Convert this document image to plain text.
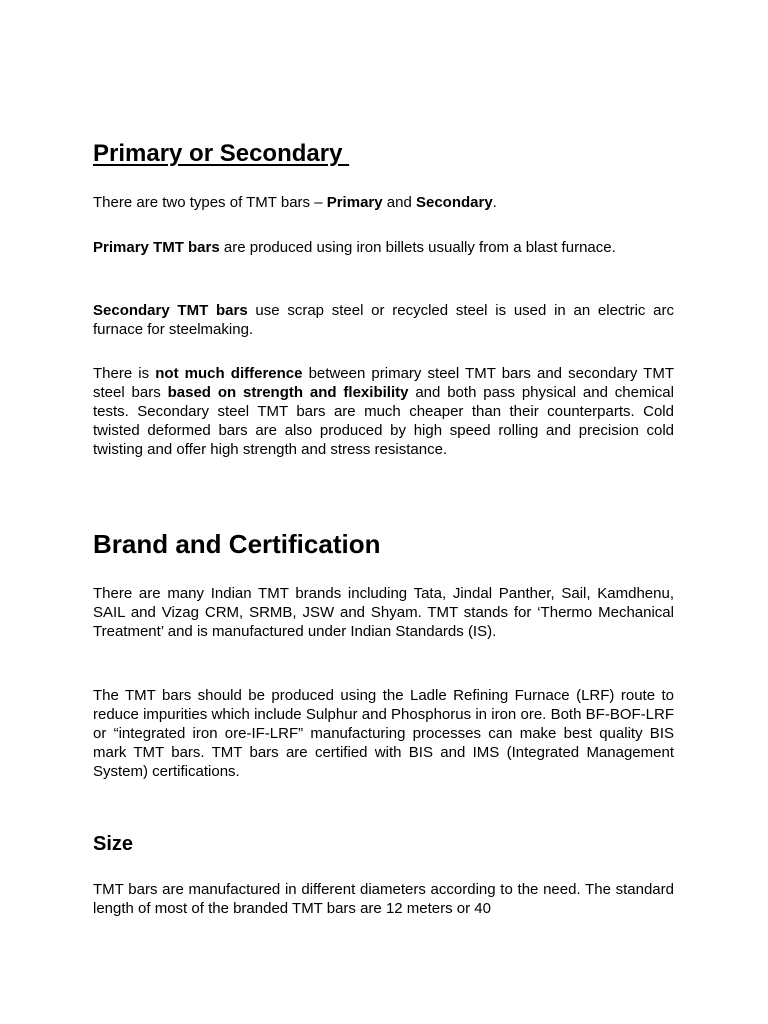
Primary or Secondary

There are two types of TMT bars – Primary and Secondary.

Primary TMT bars are produced using iron billets usually from a blast furnace.

Secondary TMT bars use scrap steel or recycled steel is used in an electric arc furnace for steelmaking.

There is not much difference between primary steel TMT bars and secondary TMT steel bars based on strength and flexibility and both pass physical and chemical tests. Secondary steel TMT bars are much cheaper than their counterparts. Cold twisted deformed bars are also produced by high speed rolling and precision cold twisting and offer high strength and stress resistance.

Brand and Certification

There are many Indian TMT brands including Tata, Jindal Panther, Sail, Kamdhenu, SAIL and Vizag CRM, SRMB, JSW and Shyam. TMT stands for ‘Thermo Mechanical Treatment’ and is manufactured under Indian Standards (IS).

The TMT bars should be produced using the Ladle Refining Furnace (LRF) route to reduce impurities which include Sulphur and Phosphorus in iron ore. Both BF-BOF-LRF or “integrated iron ore-IF-LRF” manufacturing processes can make best quality BIS mark TMT bars. TMT bars are certified with BIS and IMS (Integrated Management System) certifications.

Size

TMT bars are manufactured in different diameters according to the need. The standard length of most of the branded TMT bars are 12 meters or 40
